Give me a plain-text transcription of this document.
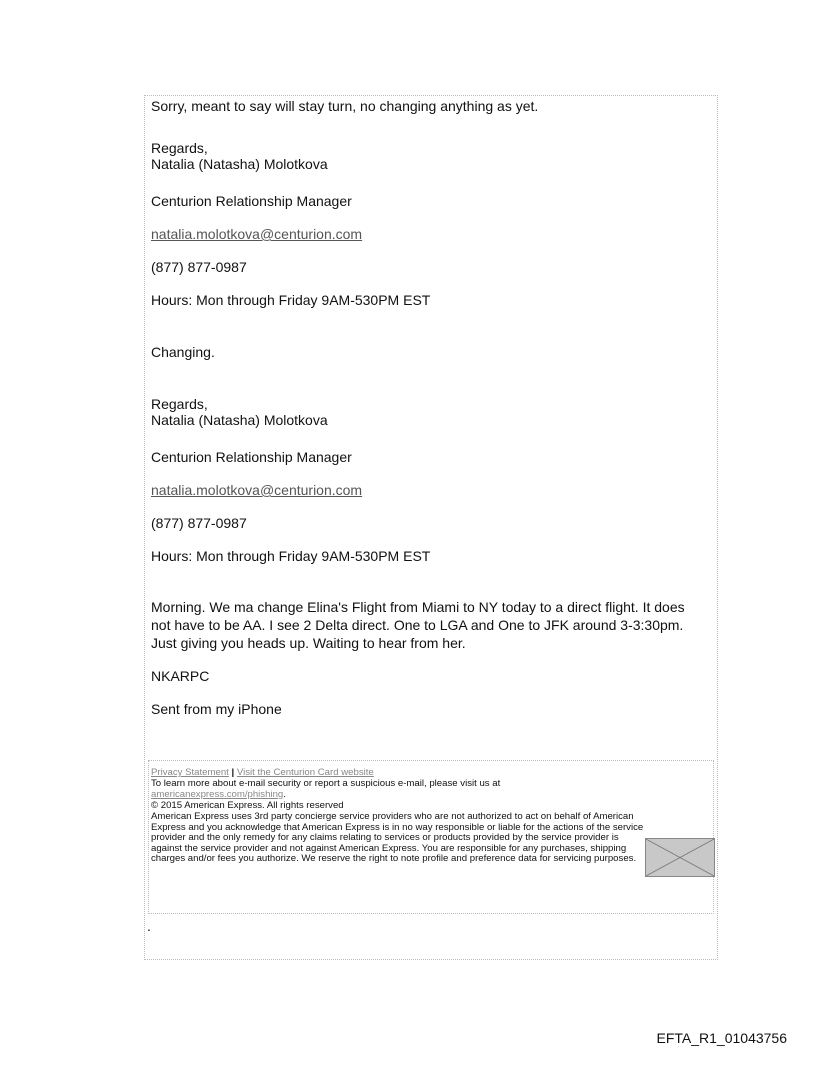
Sorry, meant to say will stay turn, no changing anything as yet.
Regards,
Natalia (Natasha) Molotkova
Centurion Relationship Manager
natalia.molotkova@centurion.com
(877) 877-0987
Hours: Mon through Friday 9AM-530PM EST
Changing.
Regards,
Natalia (Natasha) Molotkova
Centurion Relationship Manager
natalia.molotkova@centurion.com
(877) 877-0987
Hours: Mon through Friday 9AM-530PM EST
Morning. We ma change Elina's Flight from Miami to NY today to a direct flight. It does
not have to be AA. I see 2 Delta direct. One to LGA and One to JFK around 3-3:30pm.
Just giving you heads up. Waiting to hear from her.
NKARPC
Sent from my iPhone
Privacy Statement | Visit the Centurion Card website
To learn more about e-mail security or report a suspicious e-mail, please visit us at
americanexpress.com/phishing.
© 2015 American Express. All rights reserved
American Express uses 3rd party concierge service providers who are not authorized to act on behalf of American Express and you acknowledge that American Express is in no way responsible or liable for the actions of the service provider and the only remedy for any claims relating to services or products provided by the service provider is against the service provider and not against American Express. You are responsible for any purchases, shipping charges and/or fees you authorize. We reserve the right to note profile and preference data for servicing purposes.
.
EFTA_R1_01043756
